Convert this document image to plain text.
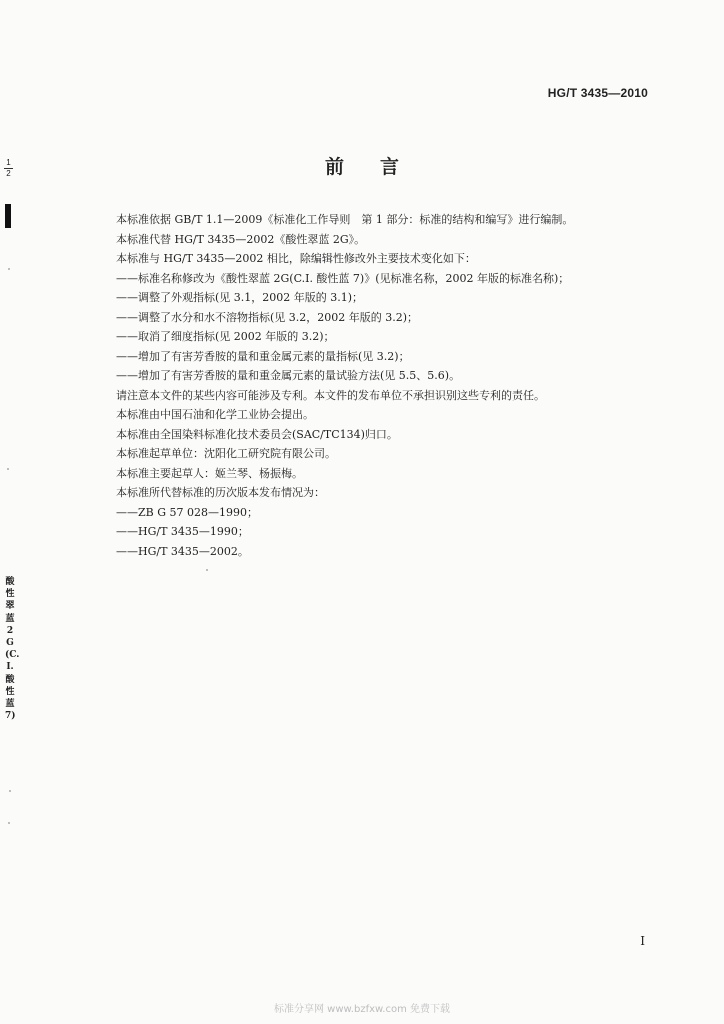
HG/T 3435—2010
1
2	前言
本标准依据 GB/T 1.1—2009《标准化工作导则　第 1 部分：标准的结构和编写》进行编制。
本标准代替 HG/T 3435—2002《酸性翠蓝 2G》。
本标准与 HG/T 3435—2002 相比，除编辑性修改外主要技术变化如下：
——标准名称修改为《酸性翠蓝 2G(C.I. 酸性蓝 7)》(见标准名称，2002 年版的标准名称)；
——调整了外观指标(见 3.1，2002 年版的 3.1)；
——调整了水分和水不溶物指标(见 3.2，2002 年版的 3.2)；
——取消了细度指标(见 2002 年版的 3.2)；
——增加了有害芳香胺的量和重金属元素的量指标(见 3.2)；
——增加了有害芳香胺的量和重金属元素的量试验方法(见 5.5、5.6)。
请注意本文件的某些内容可能涉及专利。本文件的发布单位不承担识别这些专利的责任。
本标准由中国石油和化学工业协会提出。
本标准由全国染料标准化技术委员会(SAC/TC134)归口。
本标准起草单位：沈阳化工研究院有限公司。
本标准主要起草人：姬兰琴、杨振梅。
本标准所代替标准的历次版本发布情况为：
——ZB G 57 028—1990；
——HG/T 3435—1990；
——HG/T 3435—2002。
酸性翠蓝2G(C.I.酸性蓝7)
I
标准分享网 www.bzfxw.com 免费下载
